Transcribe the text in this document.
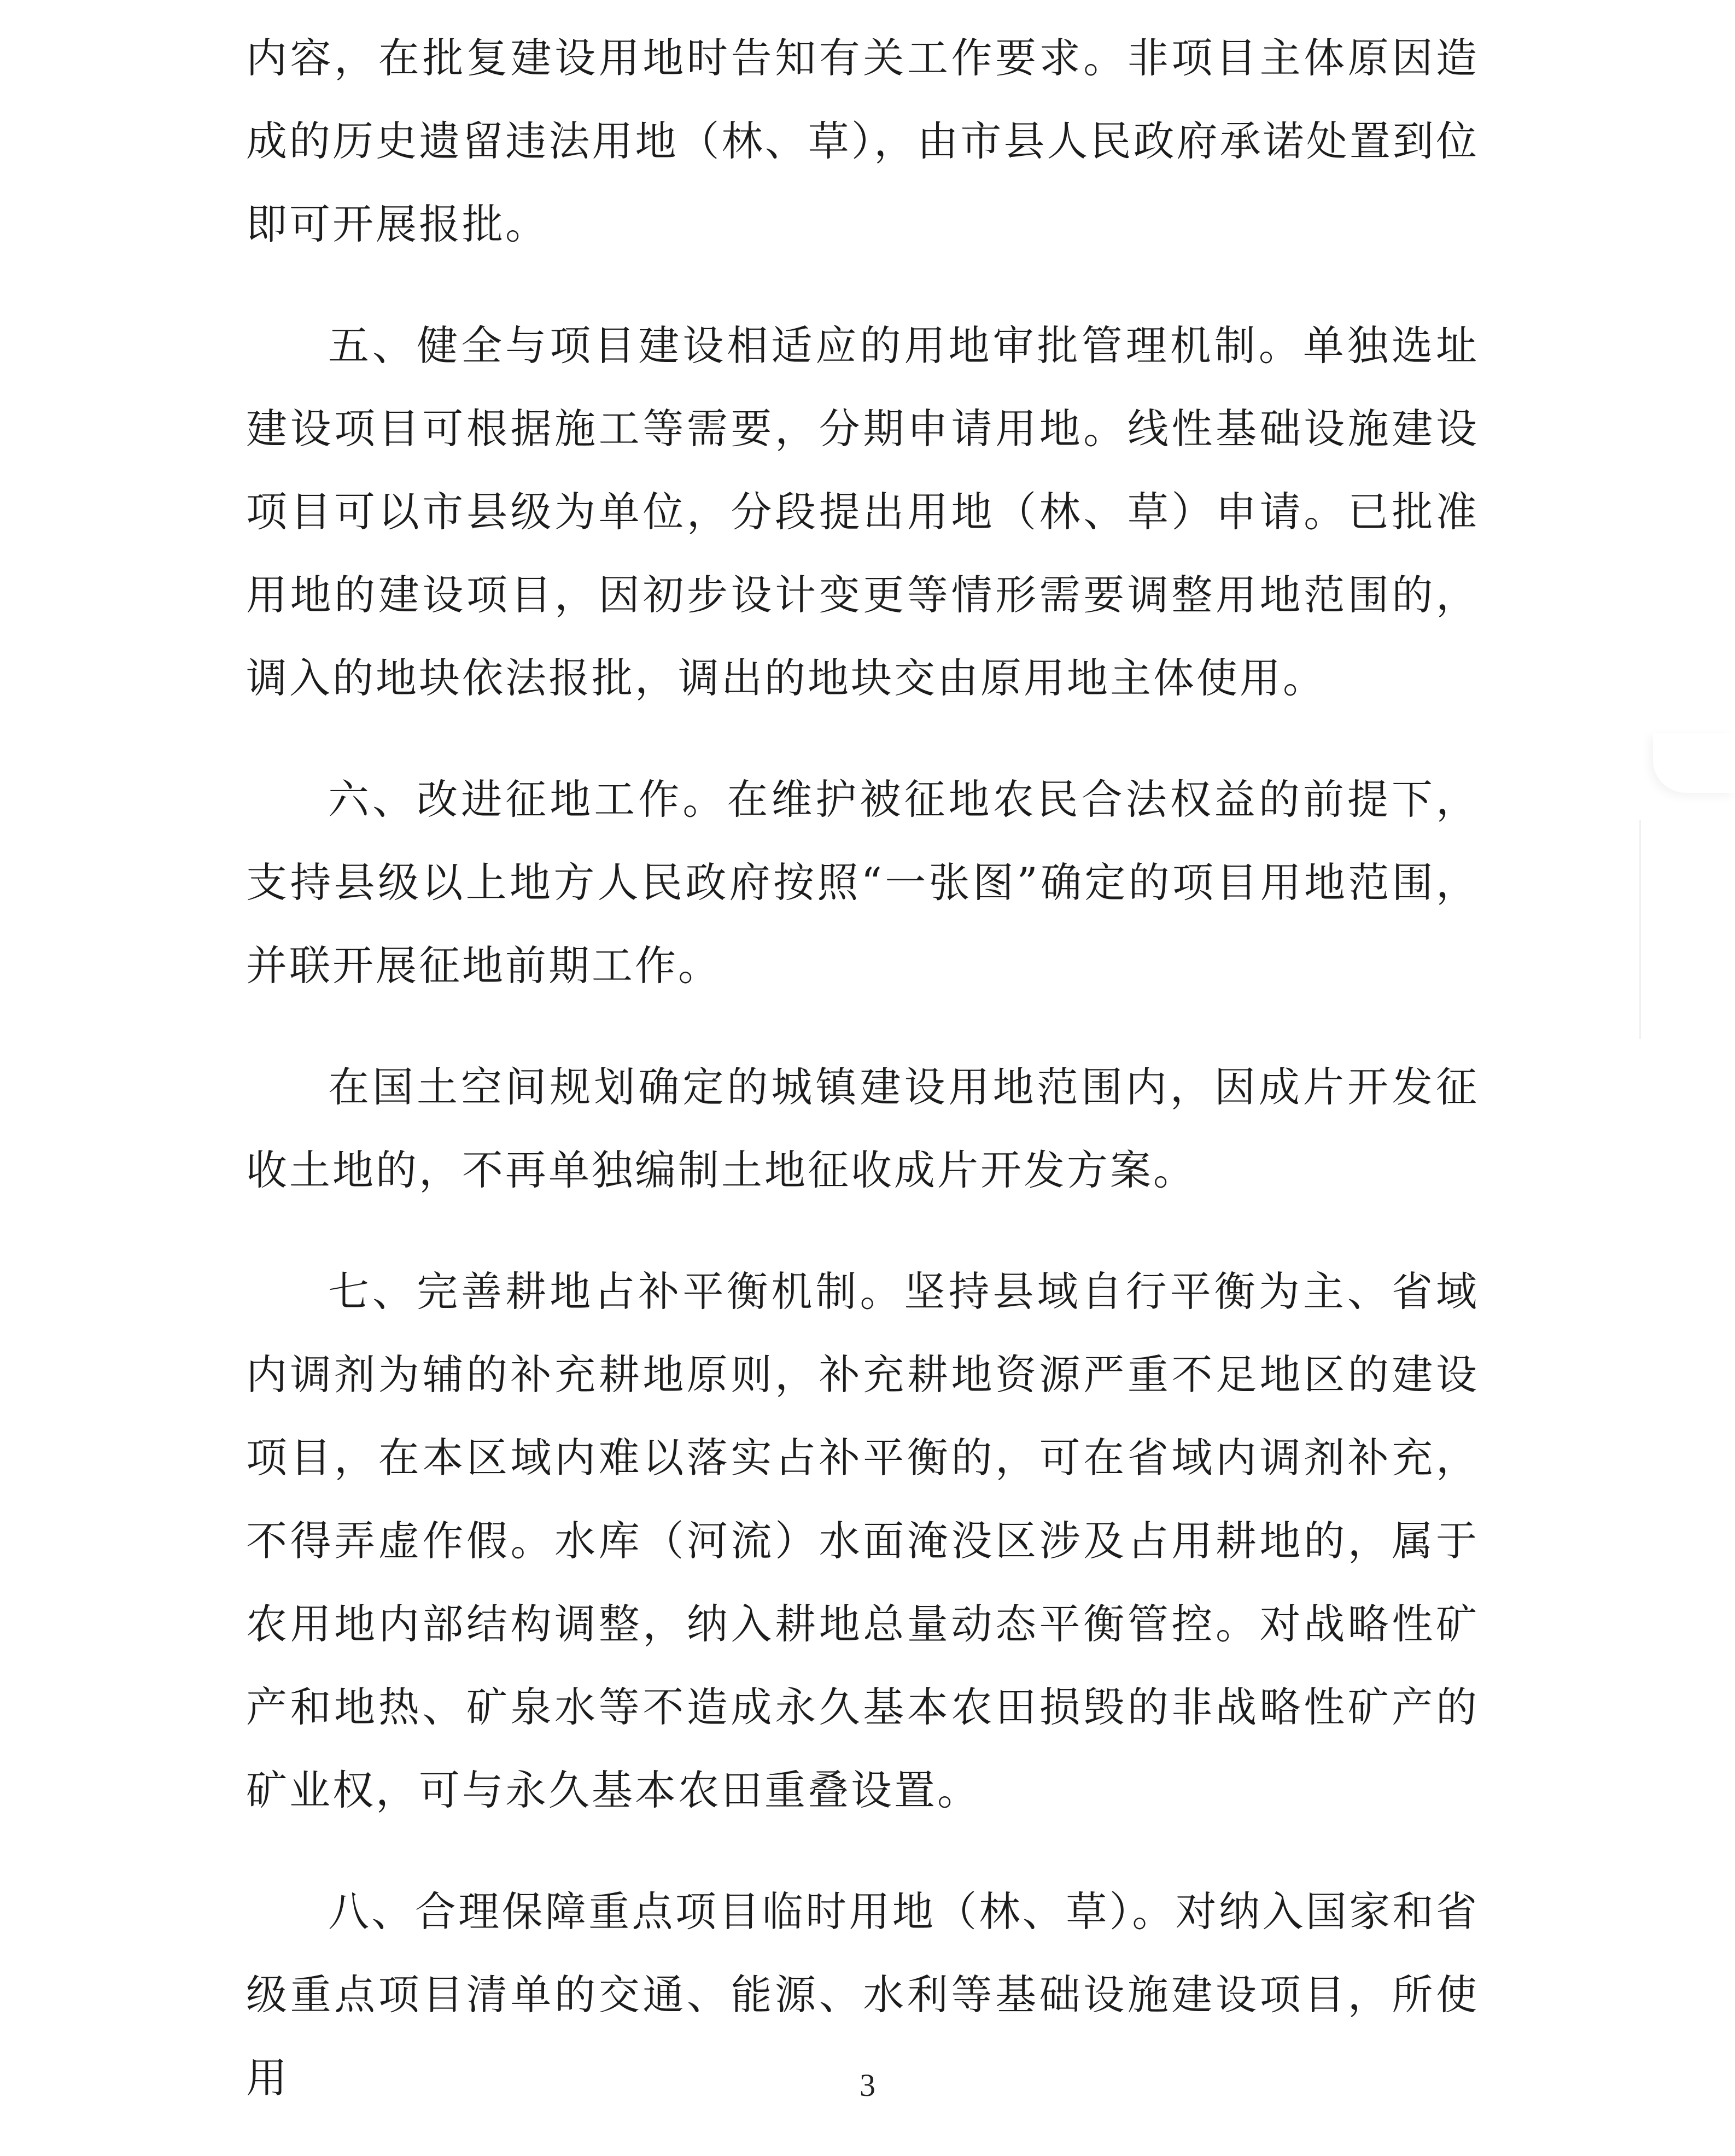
内容，在批复建设用地时告知有关工作要求。非项目主体原因造成的历史遗留违法用地（林、草），由市县人民政府承诺处置到位即可开展报批。

五、健全与项目建设相适应的用地审批管理机制。单独选址建设项目可根据施工等需要，分期申请用地。线性基础设施建设项目可以市县级为单位，分段提出用地（林、草）申请。已批准用地的建设项目，因初步设计变更等情形需要调整用地范围的，调入的地块依法报批，调出的地块交由原用地主体使用。

六、改进征地工作。在维护被征地农民合法权益的前提下，支持县级以上地方人民政府按照“一张图”确定的项目用地范围，并联开展征地前期工作。

在国土空间规划确定的城镇建设用地范围内，因成片开发征收土地的，不再单独编制土地征收成片开发方案。

七、完善耕地占补平衡机制。坚持县域自行平衡为主、省域内调剂为辅的补充耕地原则，补充耕地资源严重不足地区的建设项目，在本区域内难以落实占补平衡的，可在省域内调剂补充，不得弄虚作假。水库（河流）水面淹没区涉及占用耕地的，属于农用地内部结构调整，纳入耕地总量动态平衡管控。对战略性矿产和地热、矿泉水等不造成永久基本农田损毁的非战略性矿产的矿业权，可与永久基本农田重叠设置。

八、合理保障重点项目临时用地（林、草）。对纳入国家和省级重点项目清单的交通、能源、水利等基础设施建设项目，所使用	3
